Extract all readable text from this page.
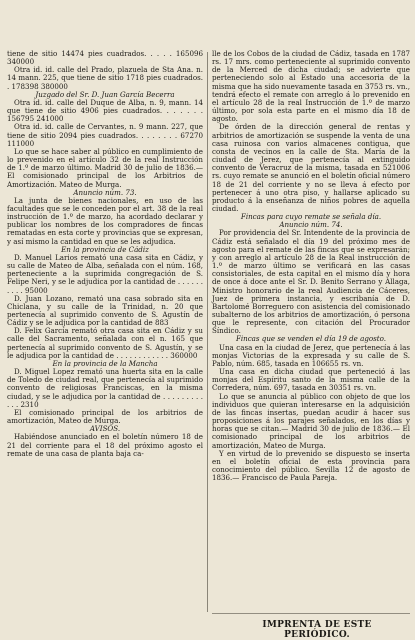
tiene de sitio 14474 pies cuadrados. . . . . 165096 340000

Otra id. id. calle del Prado, plazuela de Sta Ana. n. 14 mann. 225, que tiene de sitio 1718 pies cuadrados. . 178398 380000

Juzgado del Sr. D. Juan García Becerra

Otra id. id. calle del Duque de Alba, n. 9, mann. 14 que tiene de sitio 4906 pies cuadrados. . . . . . . 156795 241000

Otra id. id. calle de Cervantes, n. 9 mann. 227, que tiene de sitio 2094 pies cuadrados. . . . . . . . 67270 111000

Lo que se hace saber al público en cumplimiento de lo prevenido en el artículo 32 de la real Instrucción de 1.º de marzo último. Madrid 30 de julio de 1836.— El comisionado principal de los Arbitrios de Amortización. Mateo de Murga.

Anuncio núm. 73.

La junta de bienes nacionales, en uso de las facultades que se le conceden por el art. 38 de la real instrucción de 1.º de marzo, ha acordado declarar y publicar los nombres de los compradores de fincas rematadas en esta corte y provincias que se expresan, y así mismo la cantidad en que se les adjudica.

En la provincia de Cádiz

D. Manuel Larios remató una casa sita en Cádiz, y su calle de Mateo de Alba, señalada con el núm. 168, perteneciente a la suprimida congregación de S. Felipe Neri, y se le adjudica por la cantidad de . . . . . . . . . . 95000

D. Juan Lozano, remató una casa sobrado sita en Chiclana, y su calle de la Trinidad, n. 20 que pertenecía al suprimido convento de S. Agustín de Cádiz y se le adjudica por la cantidad de 883

D. Felix García remató otra casa sita en Cádiz y su calle del Sacramento, señalada con el n. 165 que pertenecía al suprimido convento de S. Agustín, y se le adjudica por la cantidad de . . . . . . . . . . . . 360000

En la provincia de la Mancha

D. Miguel Lopez remató una huerta sita en la calle de Toledo de ciudad real, que pertenecía al suprimido convento de religiosas Franciscas, en la misma ciudad, y se le adjudica por la cantidad de . . . . . . . . . . . . 2310

El comisionado principal de los arbitrios de amortización, Mateo de Murga.

AVISOS.

Habiéndose anunciado en el boletín número 18 de 21 del corriente para el 18 del próximo agosto el remate de una casa de planta baja ca-

lle de los Cobos de la ciudad de Cádiz, tasada en 1787 rs. 17 mrs. como perteneciente al suprimido convento de la Merced de dicha ciudad; se advierte que perteneciendo solo al Estado una accesoria de la misma que ha sido nuevamente tasada en 3753 rs. vn., tendrá efecto el remate con arreglo á lo prevenido en el artículo 28 de la real Instrucción de 1.º de marzo último, por sola esta parte en el mismo día 18 de agosto.

De órden de la dirección general de rentas y arbitrios de amortización se suspende la venta de una casa ruinosa con varios almacenes contigua, que consta de vecinos en la calle de Sta. María de la ciudad de Jerez, que pertenecía al extinguido convento de Veracruz de la misma, tasada en 521006 rs. cuyo remate se anunció en el boletín oficial número 18 de 21 del corriente y no se lleva á efecto por pertenecer á uno otra piso, y hallarse aplicado su producto á la enseñanza de niños pobres de aquella ciudad.

Fincas para cuyo remate se señala día.

Anuncio núm. 74.

Por providencia del Sr. Intendente de la provincia de Cádiz está señalado el día 19 del próximo mes de agosto para el remate de las fincas que se expresarán; y con arreglo al artículo 28 de la Real instrucción de 1.º de marzo último se verificará en las casas consistoriales, de esta capital en el mismo día y hora de once á doce ante el Sr. D. Benito Serrano y Allaga, Ministro honorario de la real Audiencia de Cáceres, Juez de primera instancia, y escribanía de D. Bartolomé Borreguero con asistencia del comisionado subalterno de los arbitrios de amortización, ó persona que le represente, con citación del Procurador Síndico.

Fincas que se venden el día 19 de agosto.

Una casa en la ciudad de Jerez, que pertenecía á las monjas Victorias de la expresada y su calle de S. Pablo, núm. 685, tasada en 106655 rs. vn.

Una casa en dicha ciudad que perteneció á las monjas del Espíritu santo de la misma calle de la Corredera, núm. 697, tasada en 30351 rs. vn.

Lo que se anuncia al público con objeto de que los individuos que quieran interesarse en la adquisición de las fincas insertas, puedan acudir á hacer sus proposiciones á los parajes señalados, en los días y horas que se citan.— Madrid 30 de julio de 1836.— El comisionado principal de los arbitrios de amortización, Mateo de Murga.

Y en virtud de lo prevenido se dispuesto se inserta en el boletín oficial de esta provincia para conocimiento del público. Sevilla 12 de agosto de 1836.— Francisco de Paula Pareja.

IMPRENTA DE ESTE PERIÓDICO.
